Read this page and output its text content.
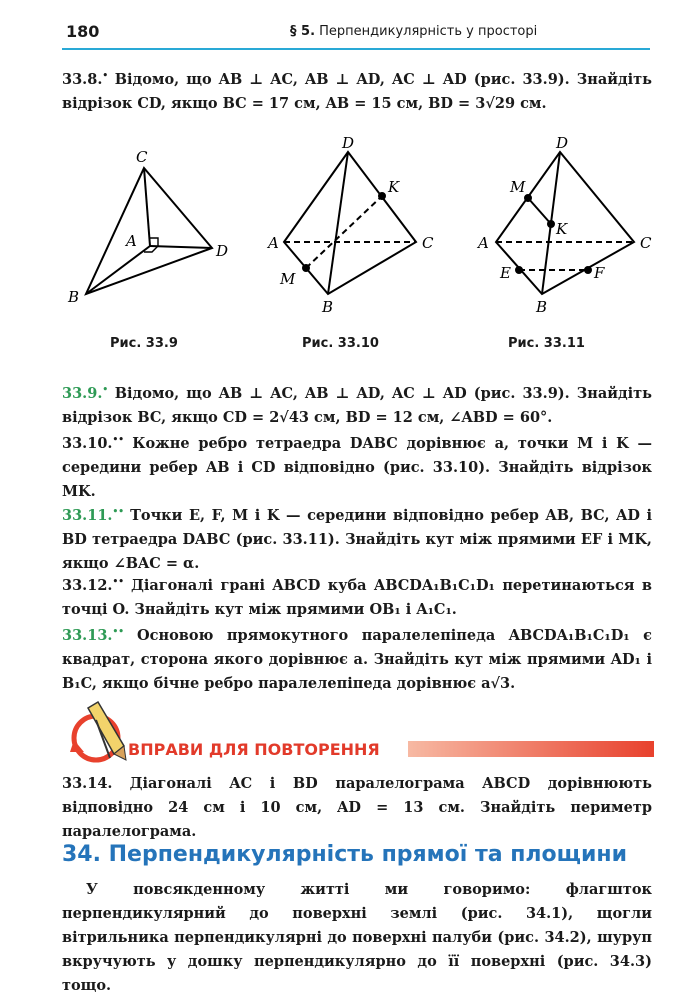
180	§ 5. Перпендикулярність у просторі
33.8.• Відомо, що AB ⊥ AC, AB ⊥ AD, AC ⊥ AD (рис. 33.9). Знайдіть відрізок CD, якщо BC = 17 см, AB = 15 см, BD = 3√29 см.
C
A
D
B
D
K
A	C
M
B
D
M
K
A	C
E	F
B
Рис. 33.9	Рис. 33.10	Рис. 33.11
33.9.• Відомо, що AB ⊥ AC, AB ⊥ AD, AC ⊥ AD (рис. 33.9). Знайдіть відрізок BC, якщо CD = 2√43 см, BD = 12 см, ∠ABD = 60°.
33.10.•• Кожне ребро тетраедра DABC дорівнює a, точки M і K — середини ребер AB і CD відповідно (рис. 33.10). Знайдіть відрізок MK.
33.11.•• Точки E, F, M і K — середини відповідно ребер AB, BC, AD і BD тетраедра DABC (рис. 33.11). Знайдіть кут між прямими EF і MK, якщо ∠BAC = α.
33.12.•• Діагоналі грані ABCD куба ABCDA₁B₁C₁D₁ перетинаються в точці O. Знайдіть кут між прямими OB₁ і A₁C₁.
33.13.•• Основою прямокутного паралелепіпеда ABCDA₁B₁C₁D₁ є квадрат, сторона якого дорівнює a. Знайдіть кут між прямими AD₁ і B₁C, якщо бічне ребро паралелепіпеда дорівнює a√3.
ВПРАВИ ДЛЯ ПОВТОРЕННЯ
33.14. Діагоналі AC і BD паралелограма ABCD дорівнюють відповідно 24 см і 10 см, AD = 13 см. Знайдіть периметр паралелограма.
34. Перпендикулярність прямої та площини
У повсякденному житті ми говоримо: флагшток перпендикулярний до поверхні землі (рис. 34.1), щогли вітрильника перпендикулярні до поверхні палуби (рис. 34.2), шуруп вкручують у дошку перпендикулярно до її поверхні (рис. 34.3) тощо.
